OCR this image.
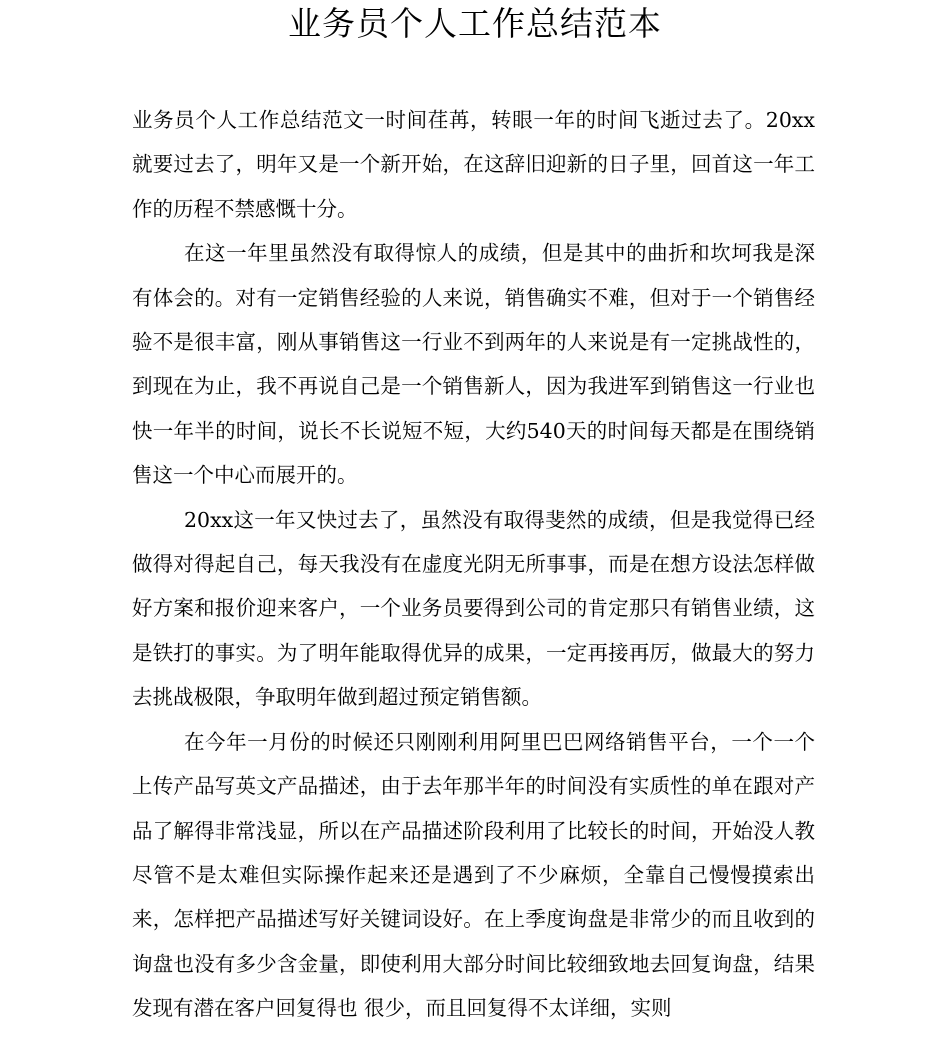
业务员个人工作总结范本

业务员个人工作总结范文一时间荏苒，转眼一年的时间飞逝过去了。20xx就要过去了，明年又是一个新开始，在这辞旧迎新的日子里，回首这一年工作的历程不禁感慨十分。

在这一年里虽然没有取得惊人的成绩，但是其中的曲折和坎坷我是深有体会的。对有一定销售经验的人来说，销售确实不难，但对于一个销售经验不是很丰富，刚从事销售这一行业不到两年的人来说是有一定挑战性的，到现在为止，我不再说自己是一个销售新人，因为我进军到销售这一行业也快一年半的时间，说长不长说短不短，大约540天的时间每天都是在围绕销售这一个中心而展开的。

20xx这一年又快过去了，虽然没有取得斐然的成绩，但是我觉得已经做得对得起自己，每天我没有在虚度光阴无所事事，而是在想方设法怎样做好方案和报价迎来客户，一个业务员要得到公司的肯定那只有销售业绩，这是铁打的事实。为了明年能取得优异的成果，一定再接再厉，做最大的努力去挑战极限，争取明年做到超过预定销售额。

在今年一月份的时候还只刚刚利用阿里巴巴网络销售平台，一个一个上传产品写英文产品描述，由于去年那半年的时间没有实质性的单在跟对产品了解得非常浅显，所以在产品描述阶段利用了比较长的时间，开始没人教尽管不是太难但实际操作起来还是遇到了不少麻烦，全靠自己慢慢摸索出来，怎样把产品描述写好关键词设好。在上季度询盘是非常少的而且收到的询盘也没有多少含金量，即使利用大部分时间比较细致地去回复询盘，结果发现有潜在客户回复得也 很少，而且回复得不太详细，实则
